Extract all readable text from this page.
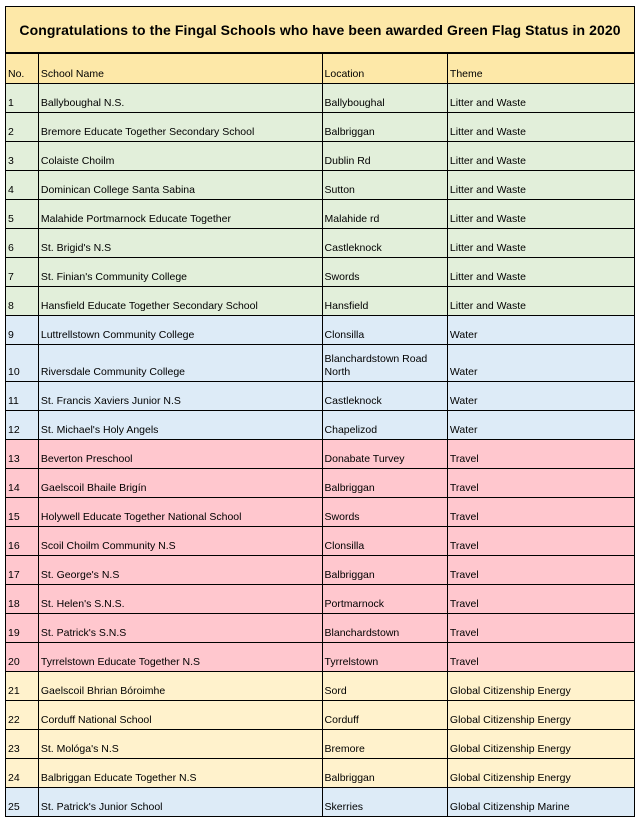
Congratulations to the Fingal Schools who have been awarded Green Flag Status in 2020
No.	School Name	Location	Theme
1	Ballyboughal N.S.	Ballyboughal	Litter and Waste
2	Bremore Educate Together Secondary School	Balbriggan	Litter and Waste
3	Colaiste Choilm	Dublin Rd	Litter and Waste
4	Dominican College Santa Sabina	Sutton	Litter and Waste
5	Malahide Portmarnock Educate Together	Malahide rd	Litter and Waste
6	St. Brigid's N.S	Castleknock	Litter and Waste
7	St. Finian's Community College	Swords	Litter and Waste
8	Hansfield Educate Together Secondary School	Hansfield	Litter and Waste
9	Luttrellstown Community College	Clonsilla	Water
10	Riversdale Community College	Blanchardstown Road North	Water
11	St. Francis Xaviers Junior N.S	Castleknock	Water
12	St. Michael's Holy Angels	Chapelizod	Water
13	Beverton Preschool	Donabate Turvey	Travel
14	Gaelscoil Bhaile Brigín	Balbriggan	Travel
15	Holywell Educate Together National School	Swords	Travel
16	Scoil Choilm Community N.S	Clonsilla	Travel
17	St. George's N.S	Balbriggan	Travel
18	St. Helen's S.N.S.	Portmarnock	Travel
19	St. Patrick's S.N.S	Blanchardstown	Travel
20	Tyrrelstown Educate Together N.S	Tyrrelstown	Travel
21	Gaelscoil Bhrian Bóroimhe	Sord	Global Citizenship Energy
22	Corduff National School	Corduff	Global Citizenship Energy
23	St. Mológa's N.S	Bremore	Global Citizenship Energy
24	Balbriggan Educate Together N.S	Balbriggan	Global Citizenship Energy
25	St. Patrick's Junior School	Skerries	Global Citizenship Marine
